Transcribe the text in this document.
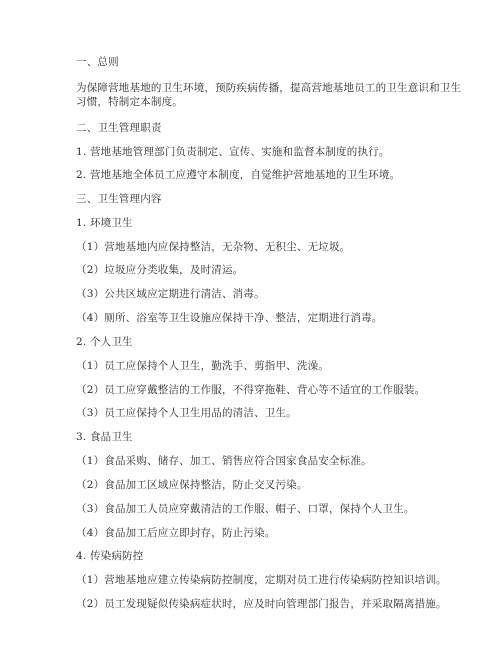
一、总则
为保障营地基地的卫生环境，预防疾病传播，提高营地基地员工的卫生意识和卫生
习惯，特制定本制度。
二、卫生管理职责
1. 营地基地管理部门负责制定、宣传、实施和监督本制度的执行。
2. 营地基地全体员工应遵守本制度，自觉维护营地基地的卫生环境。
三、卫生管理内容
1. 环境卫生
（1）营地基地内应保持整洁，无杂物、无积尘、无垃圾。
（2）垃圾应分类收集，及时清运。
（3）公共区域应定期进行清洁、消毒。
（4）厕所、浴室等卫生设施应保持干净、整洁，定期进行消毒。
2. 个人卫生
（1）员工应保持个人卫生，勤洗手、剪指甲、洗澡。
（2）员工应穿戴整洁的工作服，不得穿拖鞋、背心等不适宜的工作服装。
（3）员工应保持个人卫生用品的清洁、卫生。
3. 食品卫生
（1）食品采购、储存、加工、销售应符合国家食品安全标准。
（2）食品加工区域应保持整洁，防止交叉污染。
（3）食品加工人员应穿戴清洁的工作服、帽子、口罩，保持个人卫生。
（4）食品加工后应立即封存，防止污染。
4. 传染病防控
（1）营地基地应建立传染病防控制度，定期对员工进行传染病防控知识培训。
（2）员工发现疑似传染病症状时，应及时向管理部门报告，并采取隔离措施。
